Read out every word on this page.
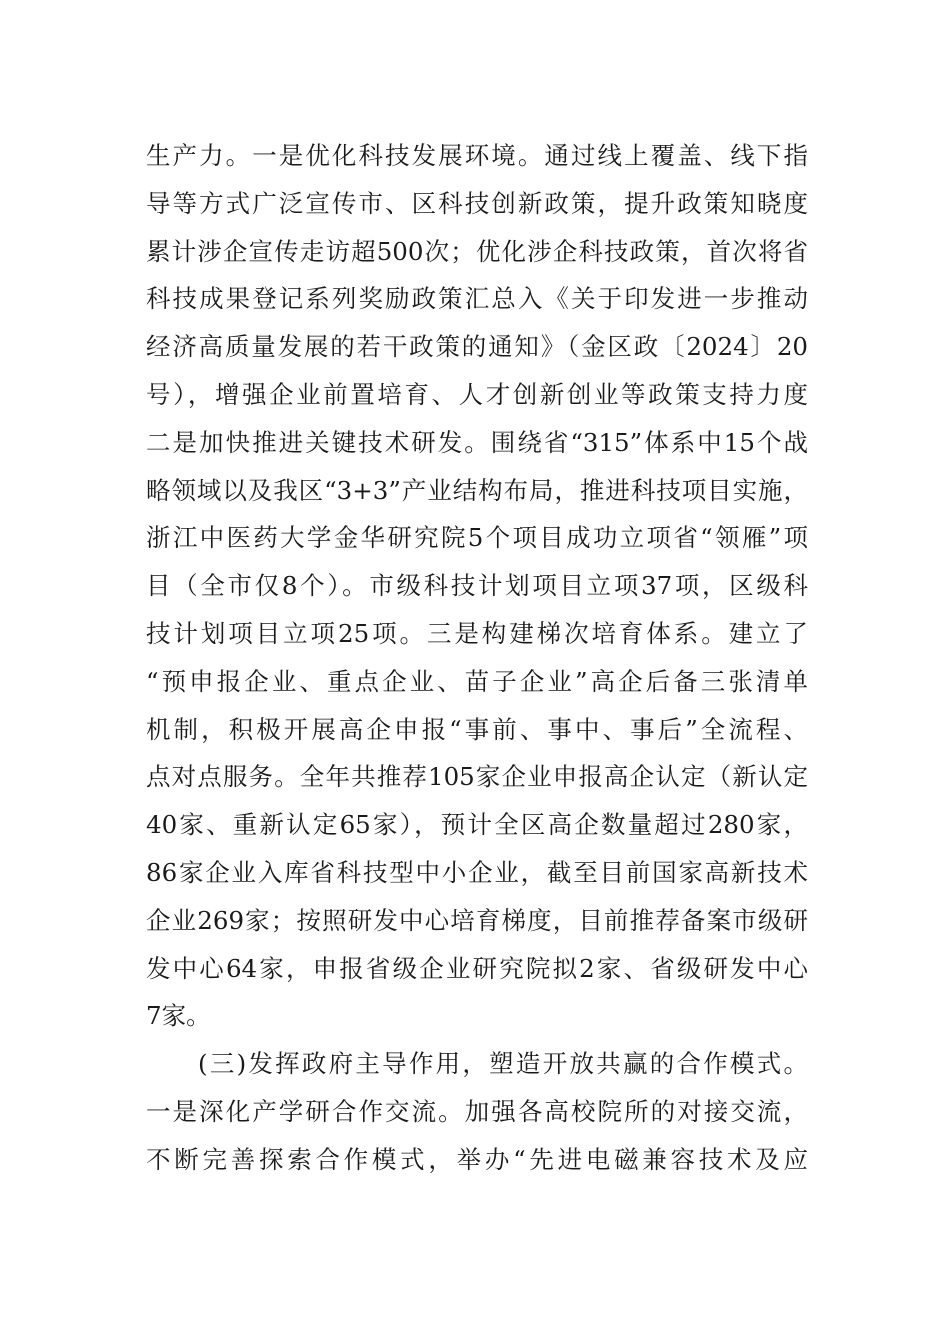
生产力。一是优化科技发展环境。通过线上覆盖、线下指
导等方式广泛宣传市、区科技创新政策，提升政策知晓度
累计涉企宣传走访超500次；优化涉企科技政策，首次将省
科技成果登记系列奖励政策汇总入《关于印发进一步推动
经济高质量发展的若干政策的通知》（金区政〔2024〕20
号），增强企业前置培育、人才创新创业等政策支持力度
二是加快推进关键技术研发。围绕省“315”体系中15个战
略领域以及我区“3+3”产业结构布局，推进科技项目实施，
浙江中医药大学金华研究院5个项目成功立项省“领雁”项
目（全市仅8个）。市级科技计划项目立项37项，区级科
技计划项目立项25项。三是构建梯次培育体系。建立了
“预申报企业、重点企业、苗子企业”高企后备三张清单
机制，积极开展高企申报“事前、事中、事后”全流程、
点对点服务。全年共推荐105家企业申报高企认定（新认定
40家、重新认定65家），预计全区高企数量超过280家，
86家企业入库省科技型中小企业，截至目前国家高新技术
企业269家；按照研发中心培育梯度，目前推荐备案市级研
发中心64家，申报省级企业研究院拟2家、省级研发中心
7家。
(三)发挥政府主导作用，塑造开放共赢的合作模式。
一是深化产学研合作交流。加强各高校院所的对接交流，
不断完善探索合作模式，举办“先进电磁兼容技术及应
